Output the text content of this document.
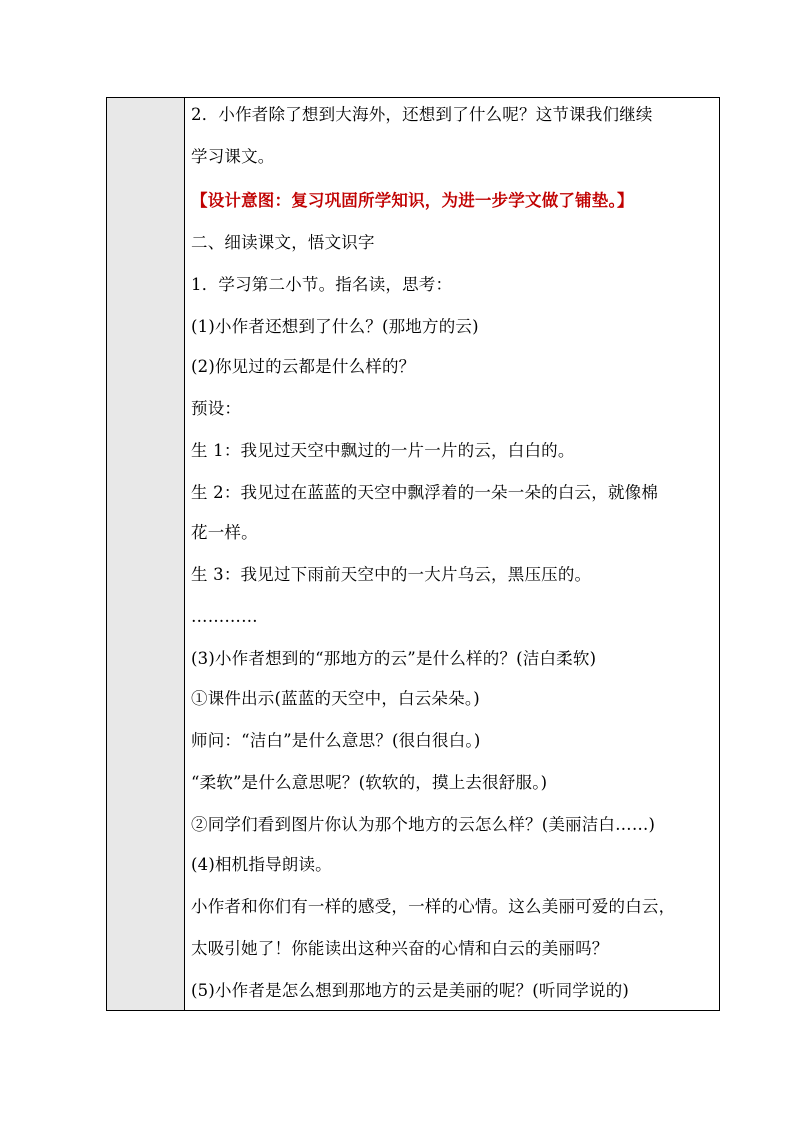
2．小作者除了想到大海外，还想到了什么呢？这节课我们继续
学习课文。
【设计意图：复习巩固所学知识，为进一步学文做了铺垫。】
二、细读课文，悟文识字
1．学习第二小节。指名读，思考：
(1)小作者还想到了什么？(那地方的云)
(2)你见过的云都是什么样的？
预设：
生 1：我见过天空中飘过的一片一片的云，白白的。
生 2：我见过在蓝蓝的天空中飘浮着的一朵一朵的白云，就像棉
花一样。
生 3：我见过下雨前天空中的一大片乌云，黑压压的。
…………
(3)小作者想到的“那地方的云”是什么样的？(洁白柔软)
①课件出示(蓝蓝的天空中，白云朵朵。)
师问：“洁白”是什么意思？(很白很白。)
“柔软”是什么意思呢？(软软的，摸上去很舒服。)
②同学们看到图片你认为那个地方的云怎么样？(美丽洁白……)
(4)相机指导朗读。
小作者和你们有一样的感受，一样的心情。这么美丽可爱的白云，
太吸引她了！你能读出这种兴奋的心情和白云的美丽吗？
(5)小作者是怎么想到那地方的云是美丽的呢？(听同学说的)
